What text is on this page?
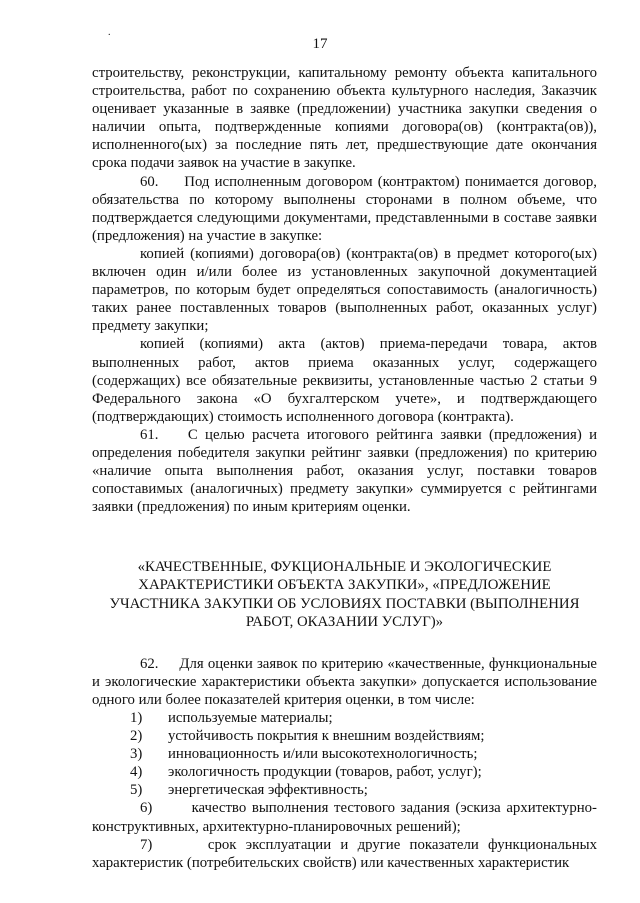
.
17

строительству, реконструкции, капитальному ремонту объекта капитального строительства, работ по сохранению объекта культурного наследия, Заказчик оценивает указанные в заявке (предложении) участника закупки сведения о наличии опыта, подтвержденные копиями договора(ов) (контракта(ов)), исполненного(ых) за последние пять лет, предшествующие дате окончания срока подачи заявок на участие в закупке.

60.     Под исполненным договором (контрактом) понимается договор, обязательства по которому выполнены сторонами в полном объеме, что подтверждается следующими документами, представленными в составе заявки (предложения) на участие в закупке:

копией (копиями) договора(ов) (контракта(ов) в предмет которого(ых) включен один и/или более из установленных закупочной документацией параметров, по которым будет определяться сопоставимость (аналогичность) таких ранее поставленных товаров (выполненных работ, оказанных услуг) предмету закупки;

копией (копиями) акта (актов) приема-передачи товара, актов выполненных работ, актов приема оказанных услуг, содержащего (содержащих) все обязательные реквизиты, установленные частью 2 статьи 9 Федерального закона «О бухгалтерском учете», и подтверждающего (подтверждающих) стоимость исполненного договора (контракта).

61.    С целью расчета итогового рейтинга заявки (предложения) и определения победителя закупки рейтинг заявки (предложения) по критерию «наличие опыта выполнения работ, оказания услуг, поставки товаров сопоставимых (аналогичных) предмету закупки» суммируется с рейтингами заявки (предложения) по иным критериям оценки.

«КАЧЕСТВЕННЫЕ, ФУКЦИОНАЛЬНЫЕ И ЭКОЛОГИЧЕСКИЕ ХАРАКТЕРИСТИКИ ОБЪЕКТА ЗАКУПКИ», «ПРЕДЛОЖЕНИЕ УЧАСТНИКА ЗАКУПКИ ОБ УСЛОВИЯХ ПОСТАВКИ (ВЫПОЛНЕНИЯ РАБОТ, ОКАЗАНИИ УСЛУГ)»

62.     Для оценки заявок по критерию «качественные, функциональные и экологические характеристики объекта закупки» допускается использование одного или более показателей критерия оценки, в том числе:

1)	используемые материалы;
2)	устойчивость покрытия к внешним воздействиям;
3)	инновационность и/или высокотехнологичность;
4)	экологичность продукции (товаров, работ, услуг);
5)	энергетическая эффективность;

6)       качество выполнения тестового задания (эскиза архитектурно-конструктивных, архитектурно-планировочных решений);

7)      срок эксплуатации и другие показатели функциональных характеристик (потребительских свойств) или качественных характеристик
